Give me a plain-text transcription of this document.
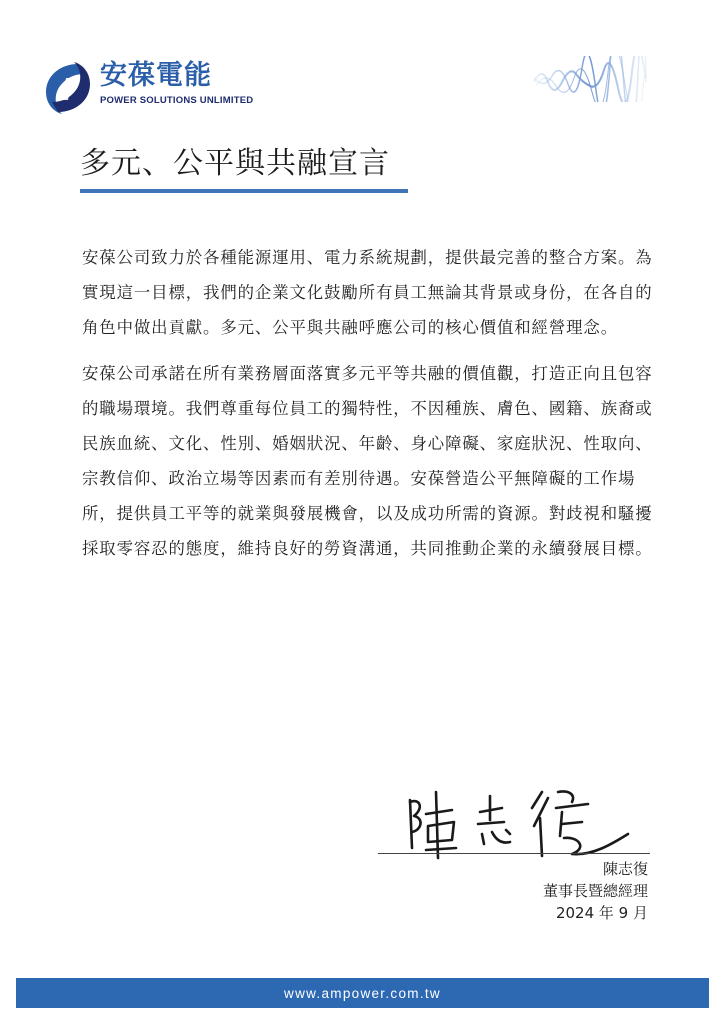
安葆電能
POWER SOLUTIONS UNLIMITED
多元、公平與共融宣言

安葆公司致力於各種能源運用、電力系統規劃，提供最完善的整合方案。為實現這一目標，我們的企業文化鼓勵所有員工無論其背景或身份，在各自的角色中做出貢獻。多元、公平與共融呼應公司的核心價值和經營理念。

安葆公司承諾在所有業務層面落實多元平等共融的價值觀，打造正向且包容的職場環境。我們尊重每位員工的獨特性，不因種族、膚色、國籍、族裔或民族血統、文化、性別、婚姻狀況、年齡、身心障礙、家庭狀況、性取向、宗教信仰、政治立場等因素而有差別待遇。安葆營造公平無障礙的工作場所，提供員工平等的就業與發展機會，以及成功所需的資源。對歧視和騷擾採取零容忍的態度，維持良好的勞資溝通，共同推動企業的永續發展目標。

陳志復
董事長暨總經理
2024 年 9 月
www.ampower.com.tw
